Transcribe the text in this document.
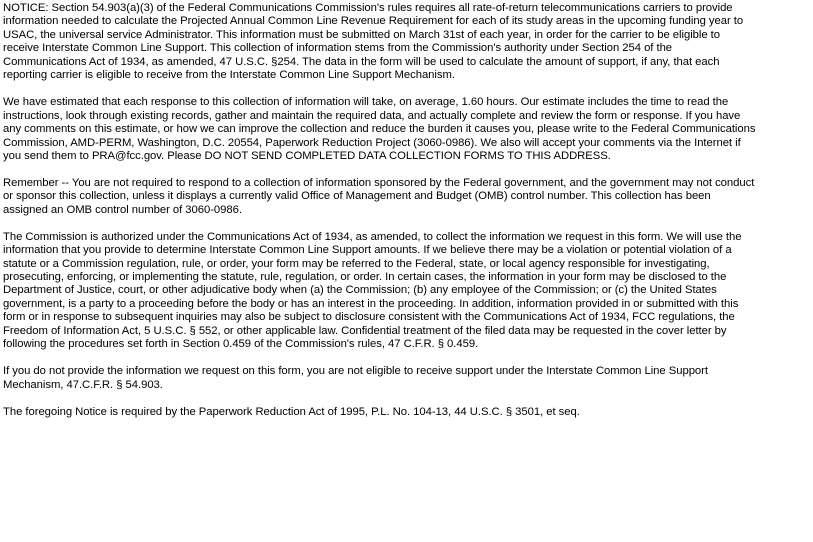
NOTICE: Section 54.903(a)(3) of the Federal Communications Commission's rules requires all rate-of-return telecommunications carriers to provide
information needed to calculate the Projected Annual Common Line Revenue Requirement for each of its study areas in the upcoming funding year to
USAC, the universal service Administrator. This information must be submitted on March 31st of each year, in order for the carrier to be eligible to
receive Interstate Common Line Support. This collection of information stems from the Commission's authority under Section 254 of the
Communications Act of 1934, as amended, 47 U.S.C. §254. The data in the form will be used to calculate the amount of support, if any, that each
reporting carrier is eligible to receive from the Interstate Common Line Support Mechanism.

We have estimated that each response to this collection of information will take, on average, 1.60 hours. Our estimate includes the time to read the
instructions, look through existing records, gather and maintain the required data, and actually complete and review the form or response. If you have
any comments on this estimate, or how we can improve the collection and reduce the burden it causes you, please write to the Federal Communications
Commission, AMD-PERM, Washington, D.C. 20554, Paperwork Reduction Project (3060-0986). We also will accept your comments via the Internet if
you send them to PRA@fcc.gov. Please DO NOT SEND COMPLETED DATA COLLECTION FORMS TO THIS ADDRESS.

Remember -- You are not required to respond to a collection of information sponsored by the Federal government, and the government may not conduct
or sponsor this collection, unless it displays a currently valid Office of Management and Budget (OMB) control number. This collection has been
assigned an OMB control number of 3060-0986.

The Commission is authorized under the Communications Act of 1934, as amended, to collect the information we request in this form. We will use the
information that you provide to determine Interstate Common Line Support amounts. If we believe there may be a violation or potential violation of a
statute or a Commission regulation, rule, or order, your form may be referred to the Federal, state, or local agency responsible for investigating,
prosecuting, enforcing, or implementing the statute, rule, regulation, or order. In certain cases, the information in your form may be disclosed to the
Department of Justice, court, or other adjudicative body when (a) the Commission; (b) any employee of the Commission; or (c) the United States
government, is a party to a proceeding before the body or has an interest in the proceeding. In addition, information provided in or submitted with this
form or in response to subsequent inquiries may also be subject to disclosure consistent with the Communications Act of 1934, FCC regulations, the
Freedom of Information Act, 5 U.S.C. § 552, or other applicable law. Confidential treatment of the filed data may be requested in the cover letter by
following the procedures set forth in Section 0.459 of the Commission's rules, 47 C.F.R. § 0.459.

If you do not provide the information we request on this form, you are not eligible to receive support under the Interstate Common Line Support
Mechanism, 47.C.F.R. § 54.903.

The foregoing Notice is required by the Paperwork Reduction Act of 1995, P.L. No. 104-13, 44 U.S.C. § 3501, et seq.
